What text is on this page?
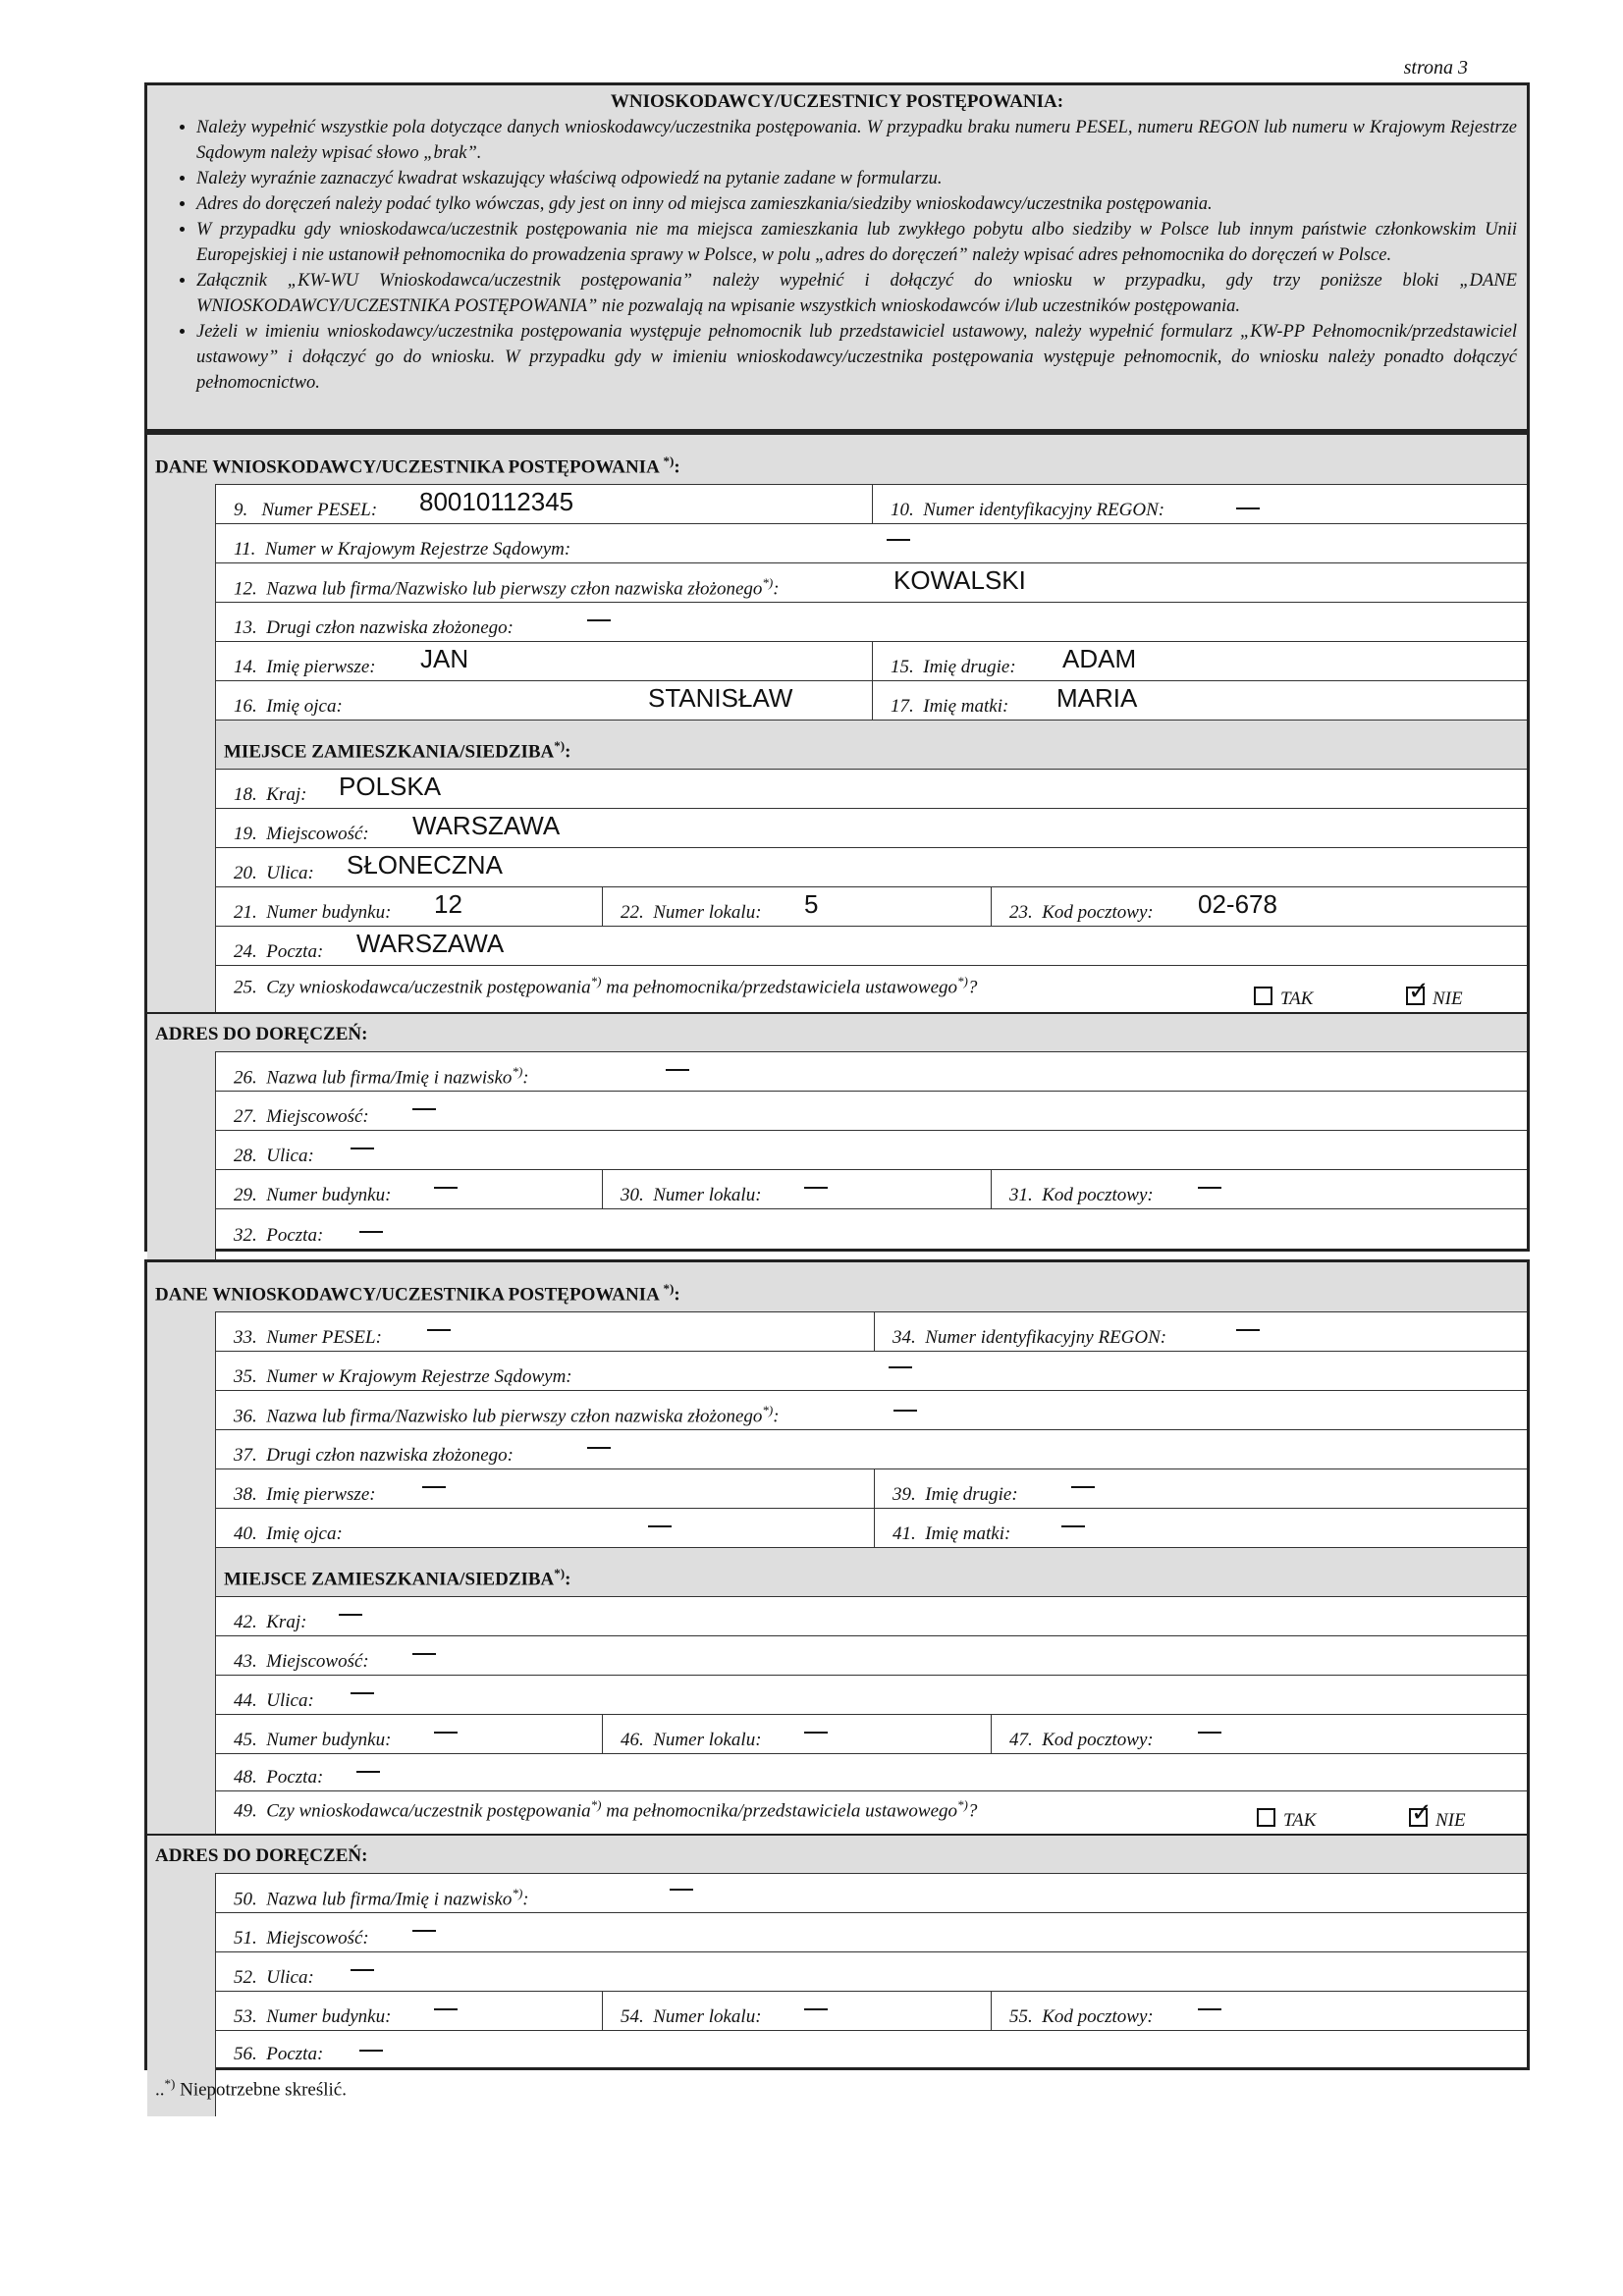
strona 3
WNIOSKODAWCY/UCZESTNICY POSTĘPOWANIA:
• Należy wypełnić wszystkie pola dotyczące danych wnioskodawcy/uczestnika postępowania. W przypadku braku numeru PESEL, numeru REGON lub numeru w Krajowym Rejestrze Sądowym należy wpisać słowo „brak”.
• Należy wyraźnie zaznaczyć kwadrat wskazujący właściwą odpowiedź na pytanie zadane w formularzu.
• Adres do doręczeń należy podać tylko wówczas, gdy jest on inny od miejsca zamieszkania/siedziby wnioskodawcy/uczestnika postępowania.
• W przypadku gdy wnioskodawca/uczestnik postępowania nie ma miejsca zamieszkania lub zwykłego pobytu albo siedziby w Polsce lub innym państwie członkowskim Unii Europejskiej i nie ustanowił pełnomocnika do prowadzenia sprawy w Polsce, w polu „adres do doręczeń” należy wpisać adres pełnomocnika do doręczeń w Polsce.
• Załącznik „KW-WU Wnioskodawca/uczestnik postępowania” należy wypełnić i dołączyć do wniosku w przypadku, gdy trzy poniższe bloki „DANE WNIOSKODAWCY/UCZESTNIKA POSTĘPOWANIA” nie pozwalają na wpisanie wszystkich wnioskodawców i/lub uczestników postępowania.
• Jeżeli w imieniu wnioskodawcy/uczestnika postępowania występuje pełnomocnik lub przedstawiciel ustawowy, należy wypełnić formularz „KW-PP Pełnomocnik/przedstawiciel ustawowy” i dołączyć go do wniosku. W przypadku gdy w imieniu wnioskodawcy/uczestnika postępowania występuje pełnomocnik, do wniosku należy ponadto dołączyć pełnomocnictwo.
DANE WNIOSKODAWCY/UCZESTNIKA POSTĘPOWANIA *):
9. Numer PESEL: 80010112345	10. Numer identyfikacyjny REGON:
11. Numer w Krajowym Rejestrze Sądowym:
12. Nazwa lub firma/Nazwisko lub pierwszy człon nazwiska złożonego*):	KOWALSKI
13. Drugi człon nazwiska złożonego:
14. Imię pierwsze: JAN	15. Imię drugie: ADAM
16. Imię ojca:	STANISŁAW	17. Imię matki: MARIA
MIEJSCE ZAMIESZKANIA/SIEDZIBA*):
18. Kraj: POLSKA
19. Miejscowość: WARSZAWA
20. Ulica: SŁONECZNA
21. Numer budynku: 12	22. Numer lokalu: 5	23. Kod pocztowy: 02-678
24. Poczta: WARSZAWA
25. Czy wnioskodawca/uczestnik postępowania*) ma pełnomocnika/przedstawiciela ustawowego*)?
TAK ✓	NIE
ADRES DO DORĘCZEŃ:
26. Nazwa lub firma/Imię i nazwisko*):
27. Miejscowość:
28. Ulica:
29. Numer budynku:	30. Numer lokalu:	31. Kod pocztowy:
32. Poczta:
DANE WNIOSKODAWCY/UCZESTNIKA POSTĘPOWANIA *):
33. Numer PESEL:	34. Numer identyfikacyjny REGON:
35. Numer w Krajowym Rejestrze Sądowym:
36. Nazwa lub firma/Nazwisko lub pierwszy człon nazwiska złożonego*):
37. Drugi człon nazwiska złożonego:
38. Imię pierwsze:	39. Imię drugie:
40. Imię ojca:	41. Imię matki:
MIEJSCE ZAMIESZKANIA/SIEDZIBA*):
42. Kraj:
43. Miejscowość:
44. Ulica:
45. Numer budynku:	46. Numer lokalu:	47. Kod pocztowy:
48. Poczta:
49. Czy wnioskodawca/uczestnik postępowania*) ma pełnomocnika/przedstawiciela ustawowego*)?	TAK ✓	NIE
ADRES DO DORĘCZEŃ:
50. Nazwa lub firma/Imię i nazwisko*):
51. Miejscowość:
52. Ulica:
53. Numer budynku:	54. Numer lokalu:	55. Kod pocztowy:
56. Poczta:
..*) Niepotrzebne skreślić.
